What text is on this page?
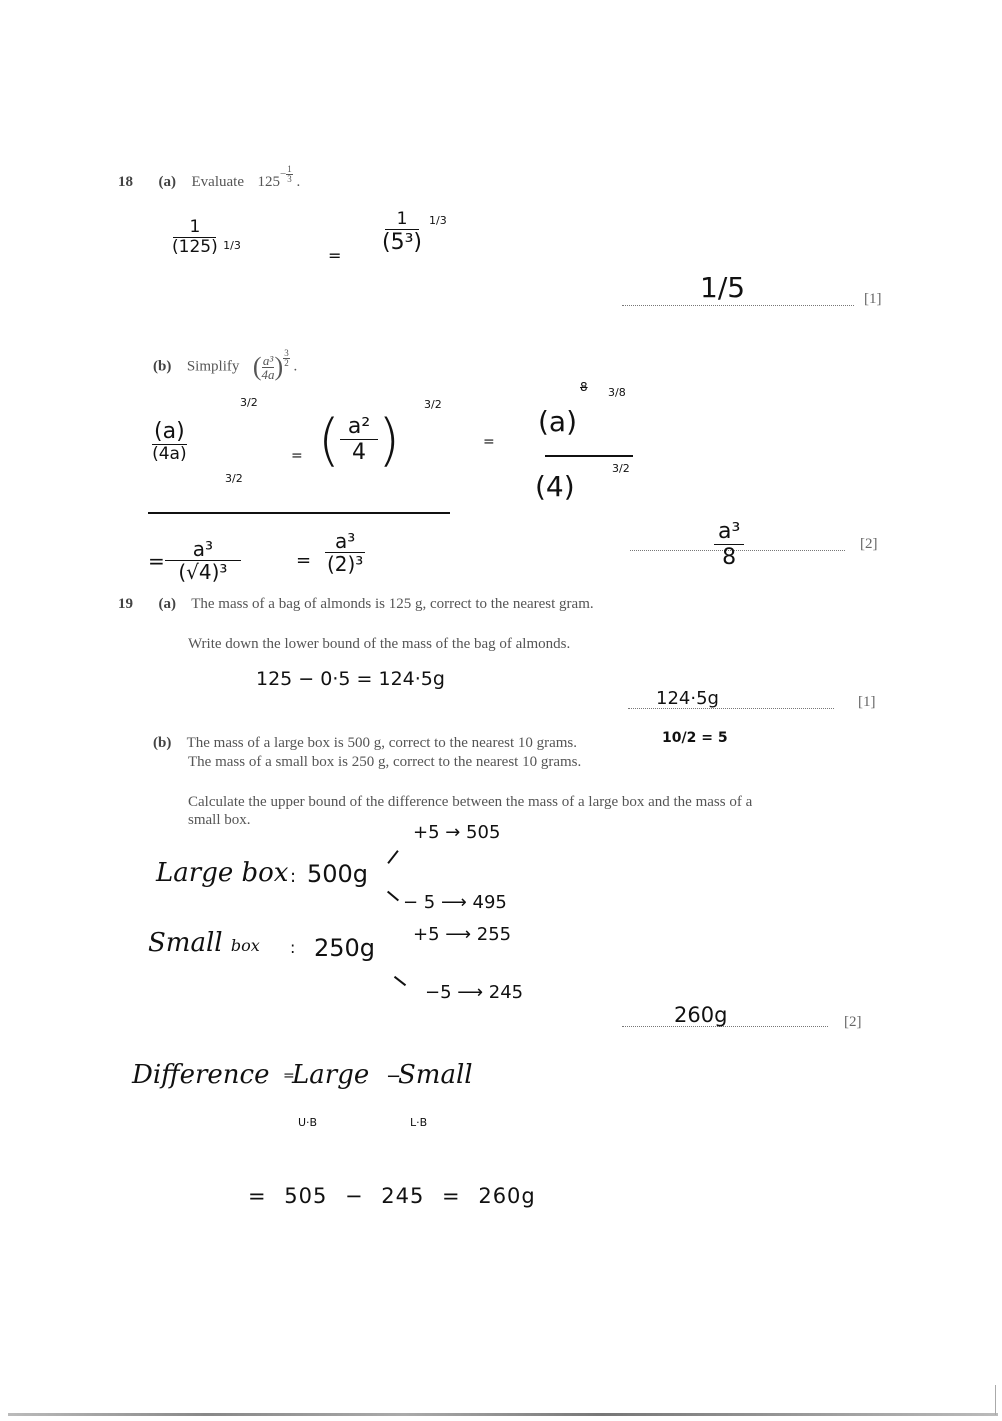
18 (a) Evaluate $125^{- \frac{1}{3}}$ .
$\frac{1}{(125)} _{1/3}$
=
$\frac{1}{\text{(5³)}} ^{1/3}$
1/5	[1]
(b) Simplify ( $\frac{\text{a³}}{4a}$ ) $^{\frac{3}{2}}$ .
$\frac{(a)}{(4a)}$
3/2
3/2
= ( $\frac{\text{a²}}{4}$ )
3/2
=
(a)
8 3/8
(4)
3/2
= $\frac{\text{a³}}{\text{(√4)³}}$	= $\frac{\text{a³}}{\text{(2)³}}$	$\frac{\text{a³}}{8}$	[2]
19 (a) The mass of a bag of almonds is 125 g, correct to the nearest gram.
Write down the lower bound of the mass of the bag of almonds.
125 − 0·5 = 124·5g
124·5g	[1]
(b) The mass of a large box is 500 g, correct to the nearest 10 grams.
The mass of a small box is 250 g, correct to the nearest 10 grams.
10/2 = 5
Calculate the upper bound of the difference between the mass of a large box and the mass of a
small box.
Large box : 500g
+5 → 505
− 5 ⟶ 495
Small box : 250g +5 ⟶ 255
−5 ⟶ 245
260g	[2]
Difference =
Large −
Small
U·B	L·B
= 505 − 245 = 260g
